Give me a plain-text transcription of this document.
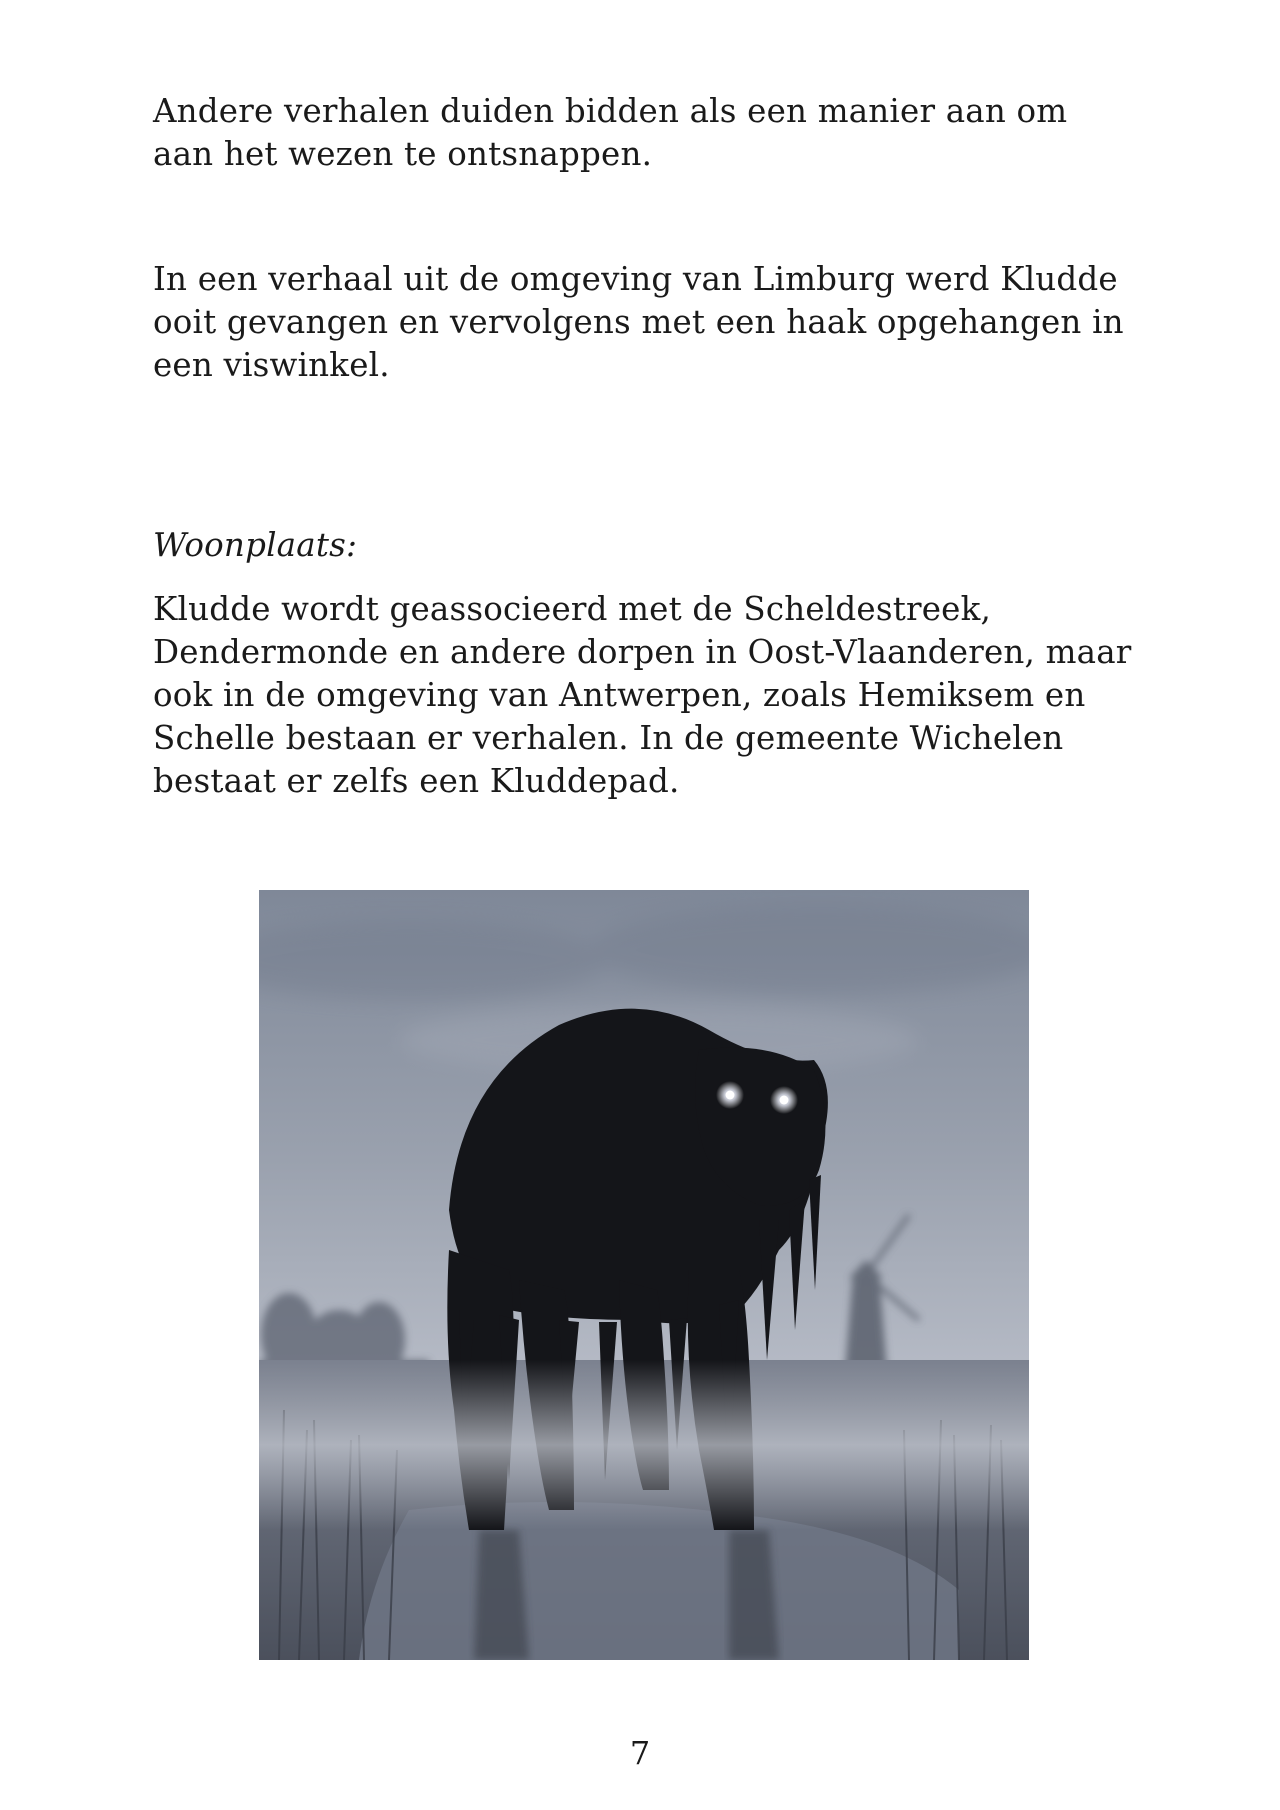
Andere verhalen duiden bidden als een manier aan om aan het wezen te ontsnappen.

In een verhaal uit de omgeving van Limburg werd Kludde ooit gevangen en vervolgens met een haak opgehangen in een viswinkel.

Woonplaats:

Kludde wordt geassocieerd met de Scheldestreek, Dendermonde en andere dorpen in Oost-Vlaanderen, maar ook in de omgeving van Antwerpen, zoals Hemiksem en Schelle bestaan er verhalen. In de gemeente Wichelen bestaat er zelfs een Kluddepad.

7
